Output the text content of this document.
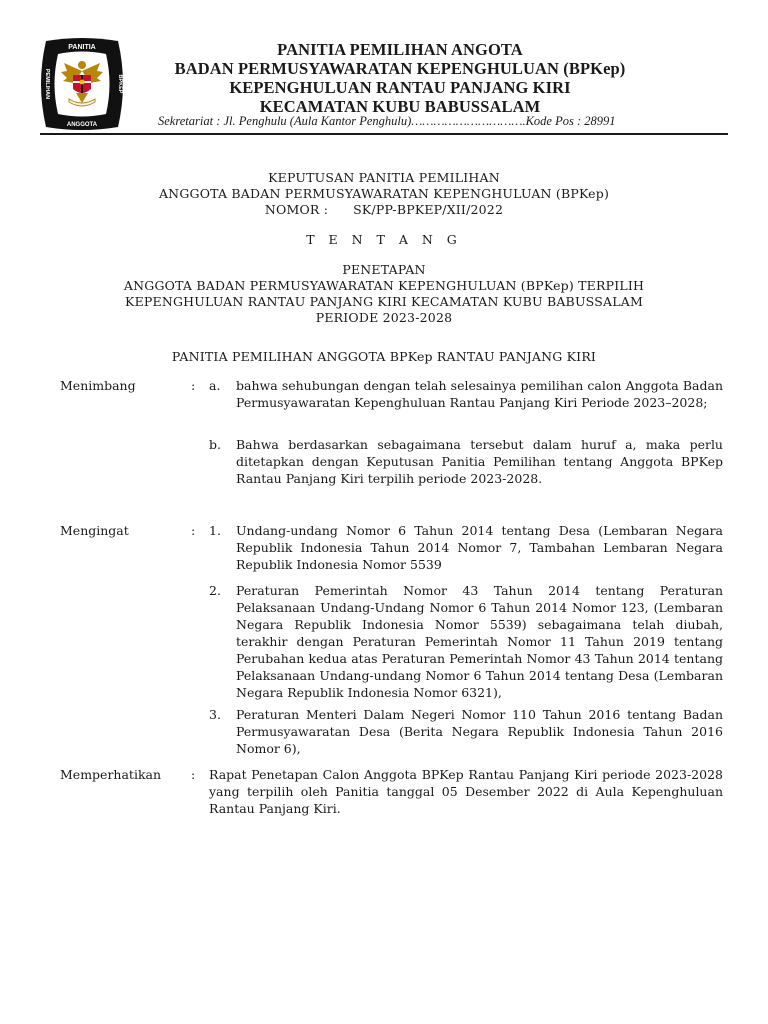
PANITIA
ANGGOTA
PEMILIHAN	BPKEP
PANITIA PEMILIHAN ANGOTA
BADAN PERMUSYAWARATAN KEPENGHULUAN (BPKep)
KEPENGHULUAN RANTAU PANJANG KIRI
KECAMATAN KUBU BABUSSALAM
Sekretariat : Jl. Penghulu (Aula Kantor Penghulu)………………………….Kode Pos : 28991
KEPUTUSAN PANITIA PEMILIHAN
ANGGOTA BADAN PERMUSYAWARATAN KEPENGHULUAN (BPKep)
NOMOR :      SK/PP-BPKEP/XII/2022
T E N T A N G
PENETAPAN
ANGGOTA BADAN PERMUSYAWARATAN KEPENGHULUAN (BPKep) TERPILIH
KEPENGHULUAN RANTAU PANJANG KIRI KECAMATAN KUBU BABUSSALAM
PERIODE 2023-2028
PANITIA PEMILIHAN ANGGOTA BPKep RANTAU PANJANG KIRI
Menimbang	: a. bahwa sehubungan dengan telah selesainya pemilihan calon Anggota Badan Permusyawaratan Kepenghuluan Rantau Panjang Kiri Periode 2023–2028;
b. Bahwa berdasarkan sebagaimana tersebut dalam huruf a, maka perlu ditetapkan dengan Keputusan Panitia Pemilihan tentang Anggota BPKep Rantau Panjang Kiri terpilih periode 2023-2028.
Mengingat	: 1. Undang-undang Nomor 6 Tahun 2014 tentang Desa (Lembaran Negara Republik Indonesia Tahun 2014 Nomor 7, Tambahan Lembaran Negara Republik Indonesia Nomor 5539
2. Peraturan Pemerintah Nomor 43 Tahun 2014 tentang Peraturan Pelaksanaan Undang-Undang Nomor 6 Tahun 2014 Nomor 123, (Lembaran Negara Republik Indonesia Nomor 5539) sebagaimana telah diubah, terakhir dengan Peraturan Pemerintah Nomor 11 Tahun 2019 tentang Perubahan kedua atas Peraturan Pemerintah Nomor 43 Tahun 2014 tentang Pelaksanaan Undang-undang Nomor 6 Tahun 2014 tentang Desa (Lembaran Negara Republik Indonesia Nomor 6321),
3. Peraturan Menteri Dalam Negeri Nomor 110 Tahun 2016 tentang Badan Permusyawaratan Desa (Berita Negara Republik Indonesia Tahun 2016 Nomor 6),
Memperhatikan : Rapat Penetapan Calon Anggota BPKep Rantau Panjang Kiri periode 2023-2028 yang terpilih oleh Panitia tanggal 05 Desember 2022 di Aula Kepenghuluan Rantau Panjang Kiri.
